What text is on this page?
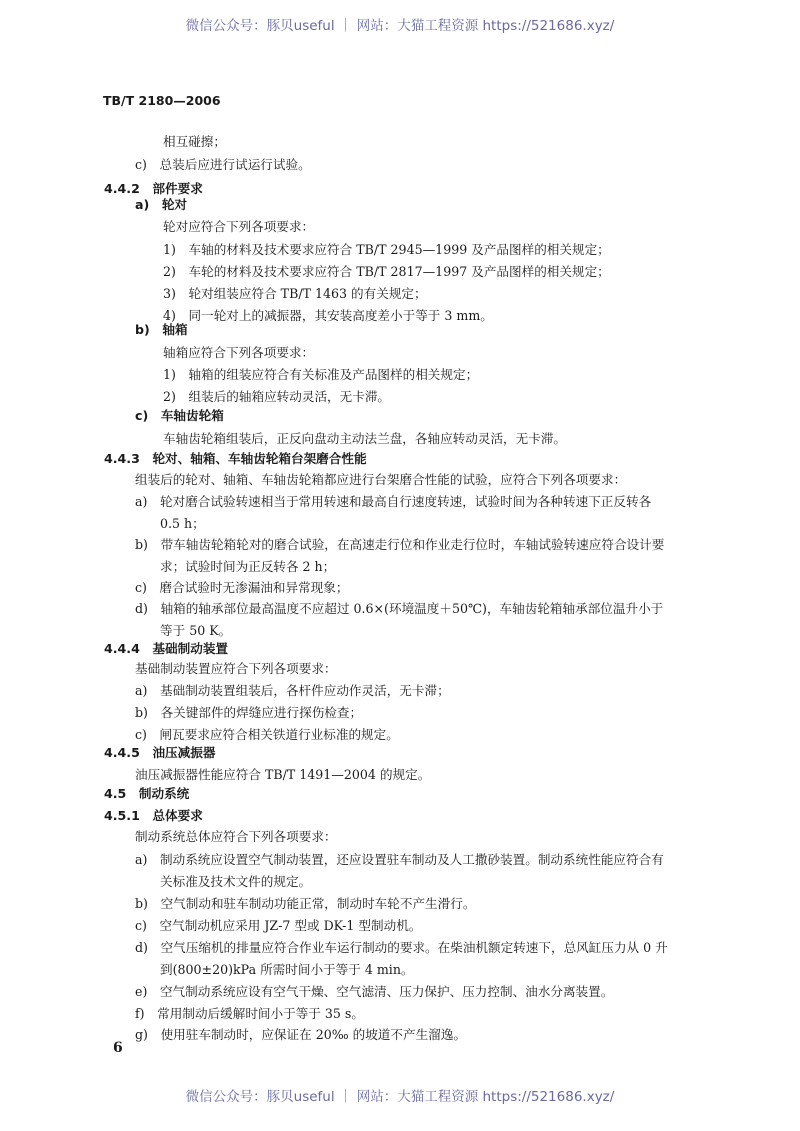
微信公众号：豚贝useful ｜ 网站：大猫工程资源 https://521686.xyz/
TB/T 2180—2006
相互碰擦；
c)　总装后应进行试运行试验。
4.4.2　部件要求
a)　轮对
轮对应符合下列各项要求：
1)　车轴的材料及技术要求应符合 TB/T 2945—1999 及产品图样的相关规定；
2)　车轮的材料及技术要求应符合 TB/T 2817—1997 及产品图样的相关规定；
3)　轮对组装应符合 TB/T 1463 的有关规定；
4)　同一轮对上的减振器，其安装高度差小于等于 3 mm。
b)　轴箱
轴箱应符合下列各项要求：
1)　轴箱的组装应符合有关标准及产品图样的相关规定；
2)　组装后的轴箱应转动灵活，无卡滞。
c)　车轴齿轮箱
车轴齿轮箱组装后，正反向盘动主动法兰盘，各轴应转动灵活，无卡滞。
4.4.3　轮对、轴箱、车轴齿轮箱台架磨合性能
组装后的轮对、轴箱、车轴齿轮箱都应进行台架磨合性能的试验，应符合下列各项要求：
a)　轮对磨合试验转速相当于常用转速和最高自行速度转速，试验时间为各种转速下正反转各
0.5 h；
b)　带车轴齿轮箱轮对的磨合试验，在高速走行位和作业走行位时，车轴试验转速应符合设计要
求；试验时间为正反转各 2 h；
c)　磨合试验时无渗漏油和异常现象；
d)　轴箱的轴承部位最高温度不应超过 0.6×(环境温度＋50℃)，车轴齿轮箱轴承部位温升小于
等于 50 K。
4.4.4　基础制动装置
基础制动装置应符合下列各项要求：
a)　基础制动装置组装后，各杆件应动作灵活，无卡滞；
b)　各关键部件的焊缝应进行探伤检查；
c)　闸瓦要求应符合相关铁道行业标准的规定。
4.4.5　油压减振器
油压减振器性能应符合 TB/T 1491—2004 的规定。
4.5　制动系统
4.5.1　总体要求
制动系统总体应符合下列各项要求：
a)　制动系统应设置空气制动装置，还应设置驻车制动及人工撒砂装置。制动系统性能应符合有
关标准及技术文件的规定。
b)　空气制动和驻车制动功能正常，制动时车轮不产生滑行。
c)　空气制动机应采用 JZ-7 型或 DK-1 型制动机。
d)　空气压缩机的排量应符合作业车运行制动的要求。在柴油机额定转速下，总风缸压力从 0 升
到(800±20)kPa 所需时间小于等于 4 min。
e)　空气制动系统应设有空气干燥、空气滤清、压力保护、压力控制、油水分离装置。
f)　常用制动后缓解时间小于等于 35 s。
g)　使用驻车制动时，应保证在 20‰ 的坡道不产生溜逸。
6
微信公众号：豚贝useful ｜ 网站：大猫工程资源 https://521686.xyz/
